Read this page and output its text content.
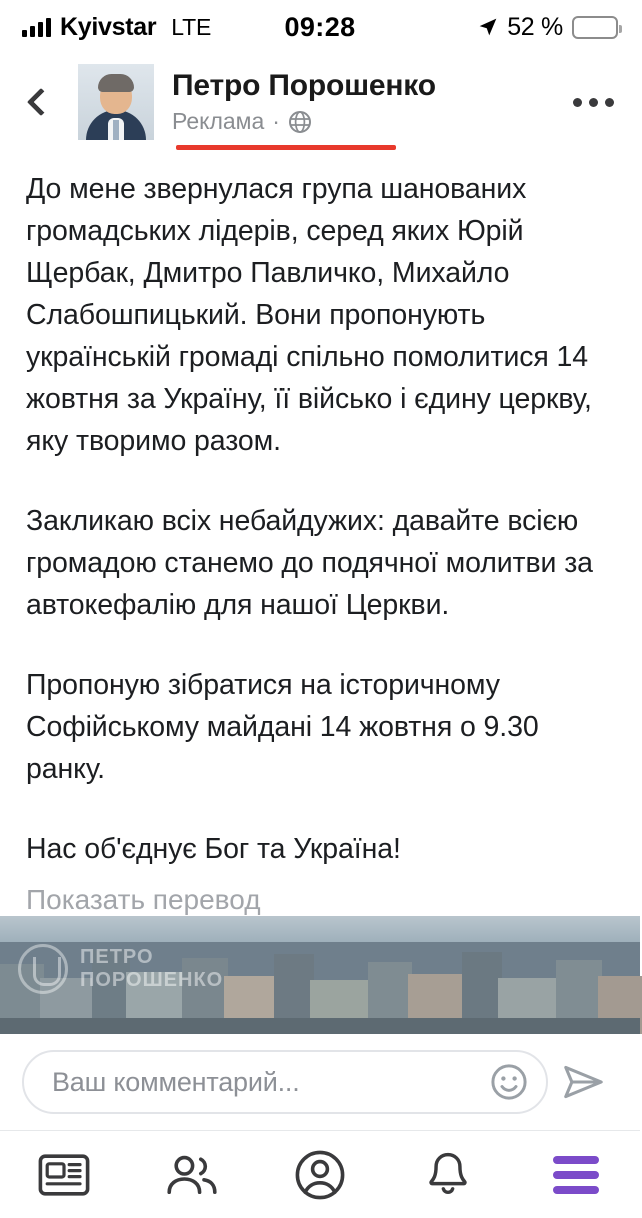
Kyivstar LTE	09:28	52 %
Петро Порошенко
Реклама ·

До мене звернулася група шанованих громадських лідерів, серед яких Юрій Щербак, Дмитро Павличко, Михайло Слабошпицький. Вони пропонують українській громаді спільно помолитися 14 жовтня за Україну, її військо і єдину церкву, яку творимо разом.

Закликаю всіх небайдужих: давайте всією громадою станемо до подячної молитви за автокефалію для нашої Церкви.

Пропоную зібратися на історичному Софійському майдані 14 жовтня о 9.30 ранку.

Нас об'єднує Бог та Україна!

Показать перевод
ПЕТРО
ПОРОШЕНКО
Ваш комментарий...
